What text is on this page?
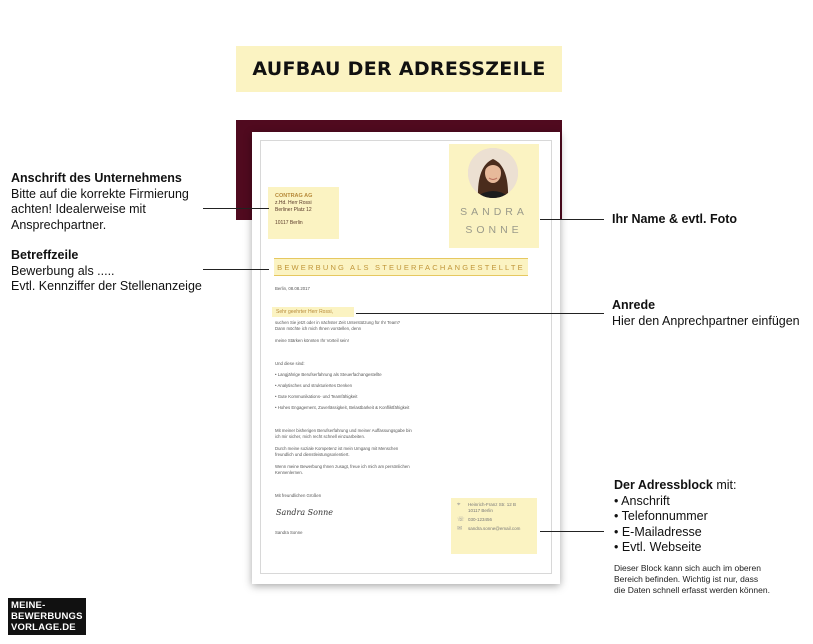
AUFBAU DER ADRESSZEILE
CONTRAG AG
z.Hd. Herr Rossi
Berliner Platz 12
10117 Berlin
SANDRA
SONNE
BEWERBUNG ALS STEUERFACHANGESTELLTE
Berlin, 08.08.2017
Sehr geehrter Herr Rossi,
suchen Sie jetzt oder in nächster Zeit Unterstützung für Ihr Team?
Dann möchte ich mich Ihnen vorstellen, denn
meine Stärken könnten Ihr Vorteil sein!
Und diese sind:
• Langjährige Berufserfahrung als Steuerfachangestellte
• Analytisches und strukturiertes Denken
• Gute Kommunikations- und Teamfähigkeit
• Hohes Engagement, Zuverlässigkeit, Belastbarkeit & Konfliktfähigkeit
Mit meiner bisherigen Berufserfahrung und meiner Auffassungsgabe bin
ich mir sicher, mich recht schnell einzuarbeiten.
Durch meine soziale Kompetenz ist mein Umgang mit Menschen
freundlich und dienstleistungsorientiert.
Wenn meine Bewerbung Ihnen zusagt, freue ich mich am persönlichen
Kennenlernen.
Mit freundlichen Grüßen
Sandra Sonne
Sandra Sonne
⌖	Heinrich-Franz Str. 12 B
10117 Berlin
☏ 030-123456
✉	sandra.sonne@email.com
Anschrift des Unternehmens
Bitte auf die korrekte Firmierung
achten! Idealerweise mit
Ansprechpartner.
Betreffzeile
Bewerbung als .....
Evtl. Kennziffer der Stellenanzeige
Ihr Name & evtl. Foto
Anrede
Hier den Anprechpartner einfügen
Der Adressblock mit:
• Anschrift
• Telefonnummer
• E-Mailadresse
• Evtl. Webseite
Dieser Block kann sich auch im oberen
Bereich befinden. Wichtig ist nur, dass
die Daten schnell erfasst werden können.
MEINE-
BEWERBUNGS
VORLAGE.DE
